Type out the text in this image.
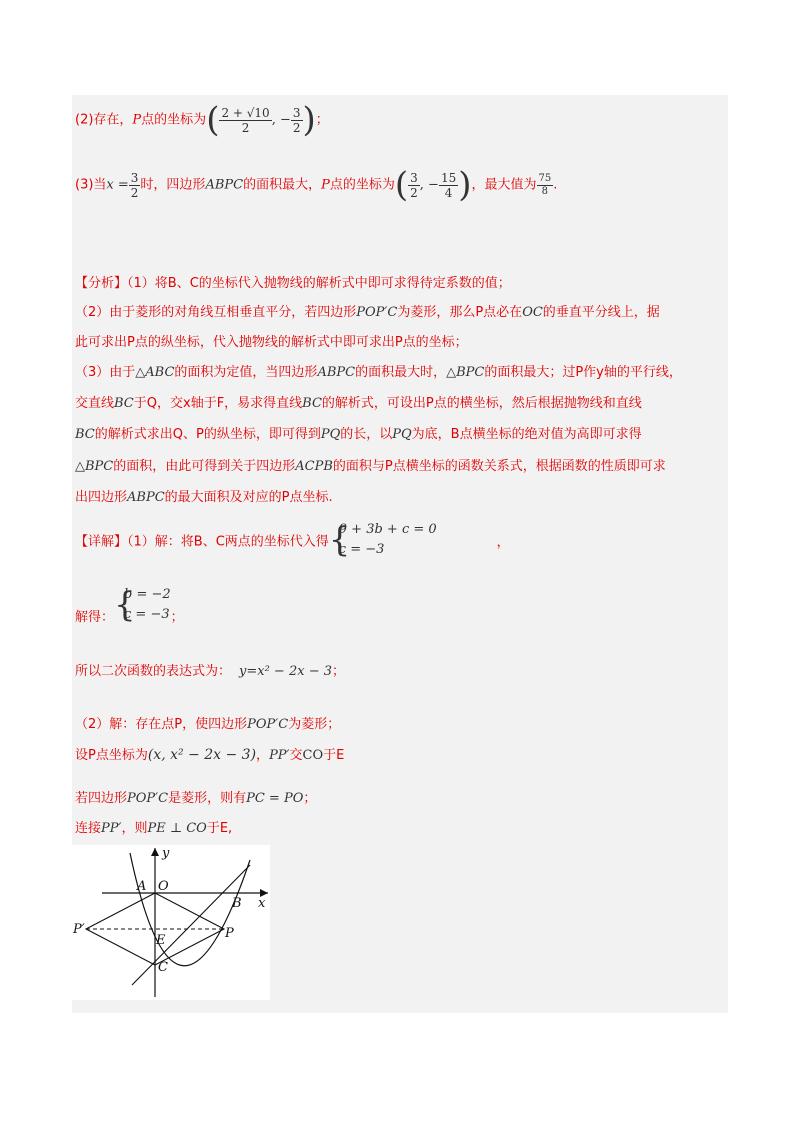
(2)存在，P点的坐标为( $\frac{2 + √10}{2}$ , − $\frac{3}{2}$ )；
(3)当$x = \frac{3}{2}$ 时，四边形ABPC的面积最大，P点的坐标为( $\frac{3}{2}$ , − $\frac{15}{4}$ )，最大值为 $\frac{75}{8}$ .
【分析】（1）将B、C的坐标代入抛物线的解析式中即可求得待定系数的值；
（2）由于菱形的对角线互相垂直平分，若四边形POP′C为菱形，那么P点必在OC的垂直平分线上，据
此可求出P点的纵坐标，代入抛物线的解析式中即可求出P点的坐标；
（3）由于△ABC的面积为定值，当四边形ABPC的面积最大时，△BPC的面积最大；过P作y轴的平行线，
交直线BC于Q，交x轴于F，易求得直线BC的解析式，可设出P点的横坐标，然后根据抛物线和直线
BC的解析式求出Q、P的纵坐标，即可得到PQ的长，以PQ为底，B点横坐标的绝对值为高即可求得
△BPC的面积，由此可得到关于四边形ACPB的面积与P点横坐标的函数关系式，根据函数的性质即可求
出四边形ABPC的最大面积及对应的P点坐标.
【详解】（1）解：将B、C两点的坐标代入得 {
9 + 3b + c = 0
c = −3	，
解得： {
b = −2
c = −3；
所以二次函数的表达式为： y=x² − 2x − 3；
（2）解：存在点P，使四边形POP′C为菱形；
设P点坐标为(x, x² − 2x − 3)，PP′交CO于E
若四边形POP′C是菱形，则有PC = PO；
连接PP′，则PE ⊥ CO于E,
y
x
A O
B
P′
E	P
C
